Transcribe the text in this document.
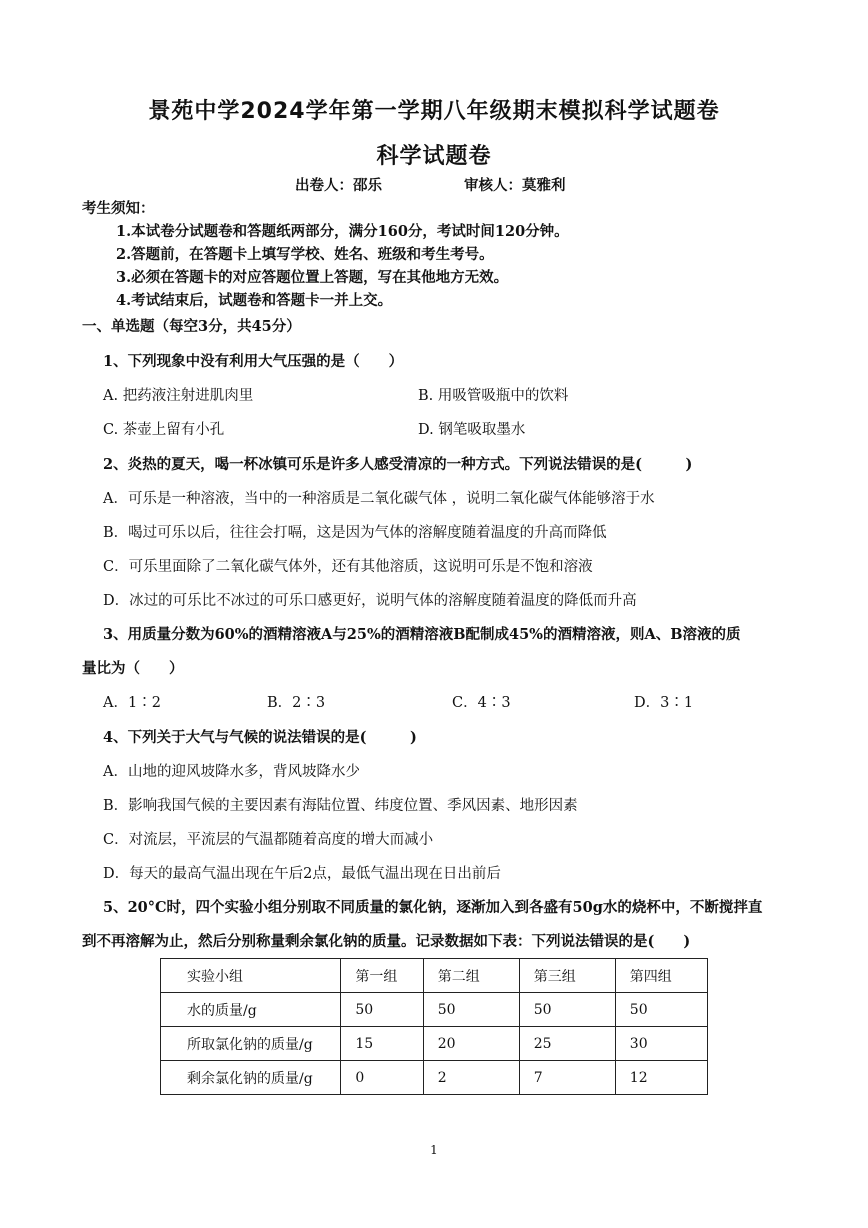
景苑中学2024学年第一学期八年级期末模拟科学试题卷
科学试题卷
出卷人：邵乐	审核人：莫雅利
考生须知：
1.本试卷分试题卷和答题纸两部分，满分160分，考试时间120分钟。
2.答题前，在答题卡上填写学校、姓名、班级和考生考号。
3.必须在答题卡的对应答题位置上答题，写在其他地方无效。
4.考试结束后，试题卷和答题卡一并上交。
一、单选题（每空3分，共45分）
1、下列现象中没有利用大气压强的是（　　）
A. 把药液注射进肌肉里	B. 用吸管吸瓶中的饮料
C. 茶壶上留有小孔	D. 钢笔吸取墨水
2、炎热的夏天，喝一杯冰镇可乐是许多人感受清凉的一种方式。下列说法错误的是(　　　)
A．可乐是一种溶液，当中的一种溶质是二氧化碳气体 ，说明二氧化碳气体能够溶于水
B．喝过可乐以后，往往会打嗝，这是因为气体的溶解度随着温度的升高而降低
C．可乐里面除了二氧化碳气体外，还有其他溶质，这说明可乐是不饱和溶液
D．冰过的可乐比不冰过的可乐口感更好，说明气体的溶解度随着温度的降低而升高
3、用质量分数为60%的酒精溶液A与25%的酒精溶液B配制成45%的酒精溶液，则A、B溶液的质
量比为（　　）
A．1∶2	B．2∶3	C．4∶3	D．3∶1
4、下列关于大气与气候的说法错误的是(　　　)
A．山地的迎风坡降水多，背风坡降水少
B．影响我国气候的主要因素有海陆位置、纬度位置、季风因素、地形因素
C．对流层，平流层的气温都随着高度的增大而减小
D．每天的最高气温出现在午后2点，最低气温出现在日出前后
5、20°C时，四个实验小组分别取不同质量的氯化钠，逐渐加入到各盛有50g水的烧杯中，不断搅拌直
到不再溶解为止，然后分别称量剩余氯化钠的质量。记录数据如下表：下列说法错误的是(　　)
实验小组	第一组	第二组	第三组	第四组
水的质量/g	50	50	50	50
所取氯化钠的质量/g	15	20	25	30
剩余氯化钠的质量/g	0	2	7	12
1
